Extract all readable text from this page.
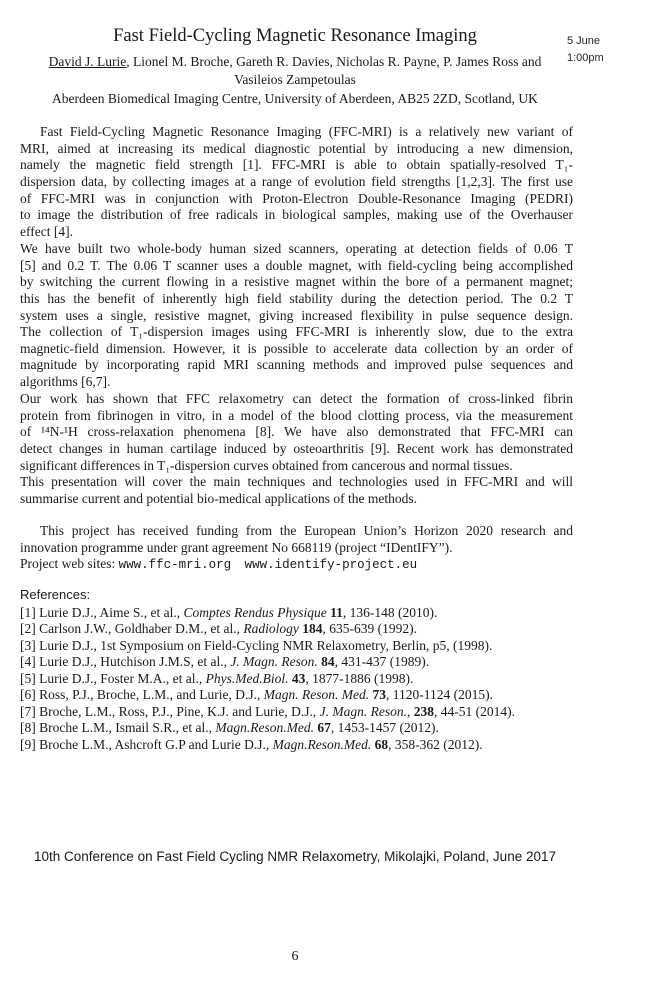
Fast Field-Cycling Magnetic Resonance Imaging	5 June
1:00pm
David J. Lurie, Lionel M. Broche, Gareth R. Davies, Nicholas R. Payne, P. James Ross and
Vasileios Zampetoulas
Aberdeen Biomedical Imaging Centre, University of Aberdeen, AB25 2ZD, Scotland, UK
Fast Field-Cycling Magnetic Resonance Imaging (FFC-MRI) is a relatively new variant of
MRI, aimed at increasing its medical diagnostic potential by introducing a new dimension,
namely the magnetic field strength [1]. FFC-MRI is able to obtain spatially-resolved T₁-
dispersion data, by collecting images at a range of evolution field strengths [1,2,3]. The first use
of FFC-MRI was in conjunction with Proton-Electron Double-Resonance Imaging (PEDRI)
to image the distribution of free radicals in biological samples, making use of the Overhauser
effect [4].
We have built two whole-body human sized scanners, operating at detection fields of 0.06 T
[5] and 0.2 T. The 0.06 T scanner uses a double magnet, with field-cycling being accomplished
by switching the current flowing in a resistive magnet within the bore of a permanent magnet;
this has the benefit of inherently high field stability during the detection period. The 0.2 T
system uses a single, resistive magnet, giving increased flexibility in pulse sequence design.
The collection of T₁-dispersion images using FFC-MRI is inherently slow, due to the extra
magnetic-field dimension. However, it is possible to accelerate data collection by an order of
magnitude by incorporating rapid MRI scanning methods and improved pulse sequences and
algorithms [6,7].
Our work has shown that FFC relaxometry can detect the formation of cross-linked fibrin
protein from fibrinogen in vitro, in a model of the blood clotting process, via the measurement
of ¹⁴N-¹H cross-relaxation phenomena [8]. We have also demonstrated that FFC-MRI can
detect changes in human cartilage induced by osteoarthritis [9]. Recent work has demonstrated
significant differences in T₁-dispersion curves obtained from cancerous and normal tissues.
This presentation will cover the main techniques and technologies used in FFC-MRI and will
summarise current and potential bio-medical applications of the methods.
This project has received funding from the European Union’s Horizon 2020 research and
innovation programme under grant agreement No 668119 (project “IDentIFY”).
Project web sites: www.ffc-mri.org www.identify-project.eu
References:
[1] Lurie D.J., Aime S., et al., Comptes Rendus Physique 11, 136-148 (2010).
[2] Carlson J.W., Goldhaber D.M., et al., Radiology 184, 635-639 (1992).
[3] Lurie D.J., 1st Symposium on Field-Cycling NMR Relaxometry, Berlin, p5, (1998).
[4] Lurie D.J., Hutchison J.M.S, et al., J. Magn. Reson. 84, 431-437 (1989).
[5] Lurie D.J., Foster M.A., et al., Phys.Med.Biol. 43, 1877-1886 (1998).
[6] Ross, P.J., Broche, L.M., and Lurie, D.J., Magn. Reson. Med. 73, 1120-1124 (2015).
[7] Broche, L.M., Ross, P.J., Pine, K.J. and Lurie, D.J., J. Magn. Reson., 238, 44-51 (2014).
[8] Broche L.M., Ismail S.R., et al., Magn.Reson.Med. 67, 1453-1457 (2012).
[9] Broche L.M., Ashcroft G.P and Lurie D.J., Magn.Reson.Med. 68, 358-362 (2012).
10th Conference on Fast Field Cycling NMR Relaxometry, Mikolajki, Poland, June 2017
6
